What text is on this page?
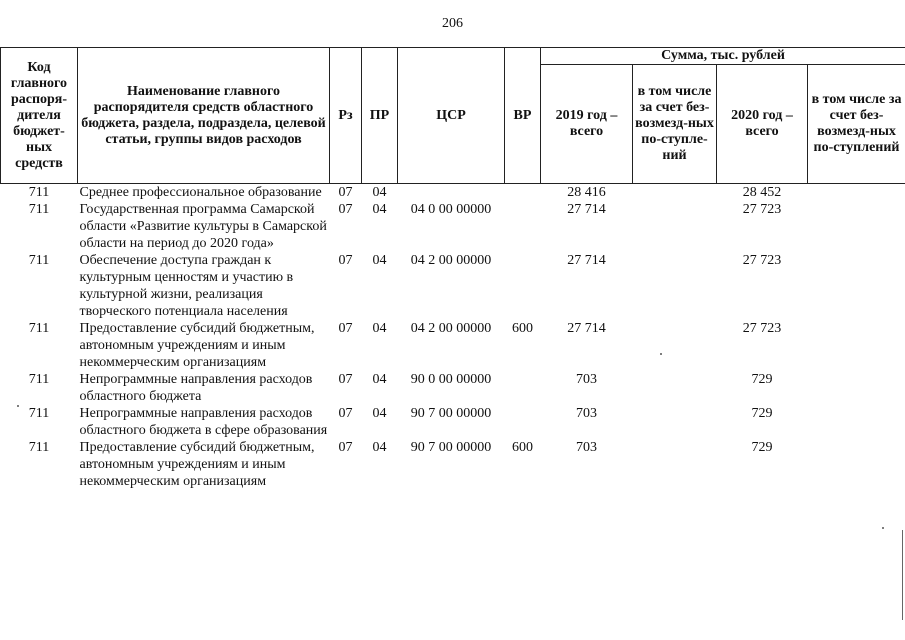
206
Код главного распоря-дителя бюджет-ных средств	Наименование главного распорядителя средств областного бюджета, раздела, подраздела, целевой статьи, группы видов расходов	Рз	ПР	ЦСР	ВР	Сумма, тыс. рублей			
						2019 год – всего	в том числе за счет без-возмезд-ных по-ступле-ний	2020 год – всего	в том числе за счет без-возмезд-ных по-ступлений
711	Среднее профессиональное образование	07	04			28 416		28 452	
711	Государственная программа Самарской области «Развитие культуры в Самарской области на период до 2020 года»	07	04	04 0 00 00000		27 714		27 723	
711	Обеспечение доступа граждан к культурным ценностям и участию в культурной жизни, реализация творческого потенциала населения	07	04	04 2 00 00000		27 714		27 723	
711	Предоставление субсидий бюджетным, автономным учреждениям и иным некоммерческим организациям	07	04	04 2 00 00000	600	27 714		27 723	
711	Непрограммные направления расходов областного бюджета	07	04	90 0 00 00000		703		729	
711	Непрограммные направления расходов областного бюджета в сфере образования	07	04	90 7 00 00000		703		729	
711	Предоставление субсидий бюджетным, автономным учреждениям и иным некоммерческим организациям	07	04	90 7 00 00000	600	703		729	
